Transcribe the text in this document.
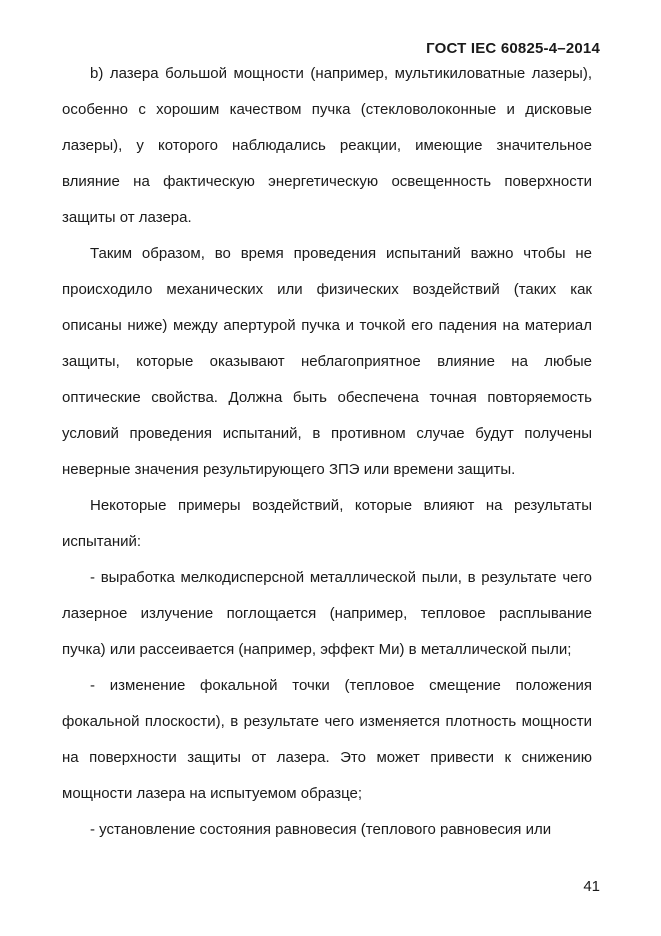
ГОСТ IEC 60825-4–2014

b) лазера большой мощности (например, мультикиловатные лазеры), особенно с хорошим качеством пучка (стекловолоконные и дисковые лазеры), у которого наблюдались реакции, имеющие значительное влияние на фактическую энергетическую освещенность поверхности защиты от лазера.

Таким образом, во время проведения испытаний важно чтобы не происходило механических или физических воздействий (таких как описаны ниже) между апертурой пучка и точкой его падения на материал защиты, которые оказывают неблагоприятное влияние на любые оптические свойства. Должна быть обеспечена точная повторяемость условий проведения испытаний, в противном случае будут получены неверные значения результирующего ЗПЭ или времени защиты.

Некоторые примеры воздействий, которые влияют на результаты испытаний:

- выработка мелкодисперсной металлической пыли, в результате чего лазерное излучение поглощается (например, тепловое расплывание пучка) или рассеивается (например, эффект Ми) в металлической пыли;

- изменение фокальной точки (тепловое смещение положения фокальной плоскости), в результате чего изменяется плотность мощности на поверхности защиты от лазера. Это может привести к снижению мощности лазера на испытуемом образце;

- установление состояния равновесия (теплового равновесия или

41
